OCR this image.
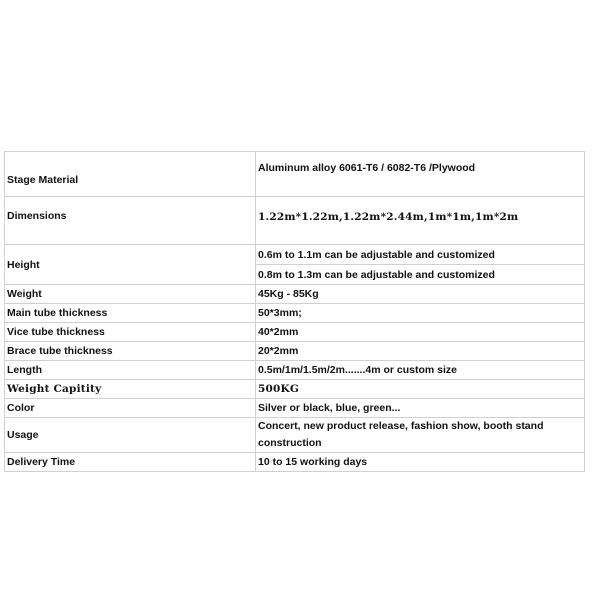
Stage Material	Aluminum alloy 6061-T6 / 6082-T6 /Plywood
Dimensions	1.22m*1.22m,1.22m*2.44m,1m*1m,1m*2m
Height	0.6m to 1.1m can be adjustable and customized
	0.8m to 1.3m can be adjustable and customized
Weight	45Kg - 85Kg
Main tube thickness	50*3mm;
Vice tube thickness	40*2mm
Brace tube thickness	20*2mm
Length	0.5m/1m/1.5m/2m.......4m or custom size
Weight Capitity	500KG
Color	Silver or black, blue, green...
Usage	Concert, new product release, fashion show, booth stand construction
Delivery Time	10 to 15 working days
